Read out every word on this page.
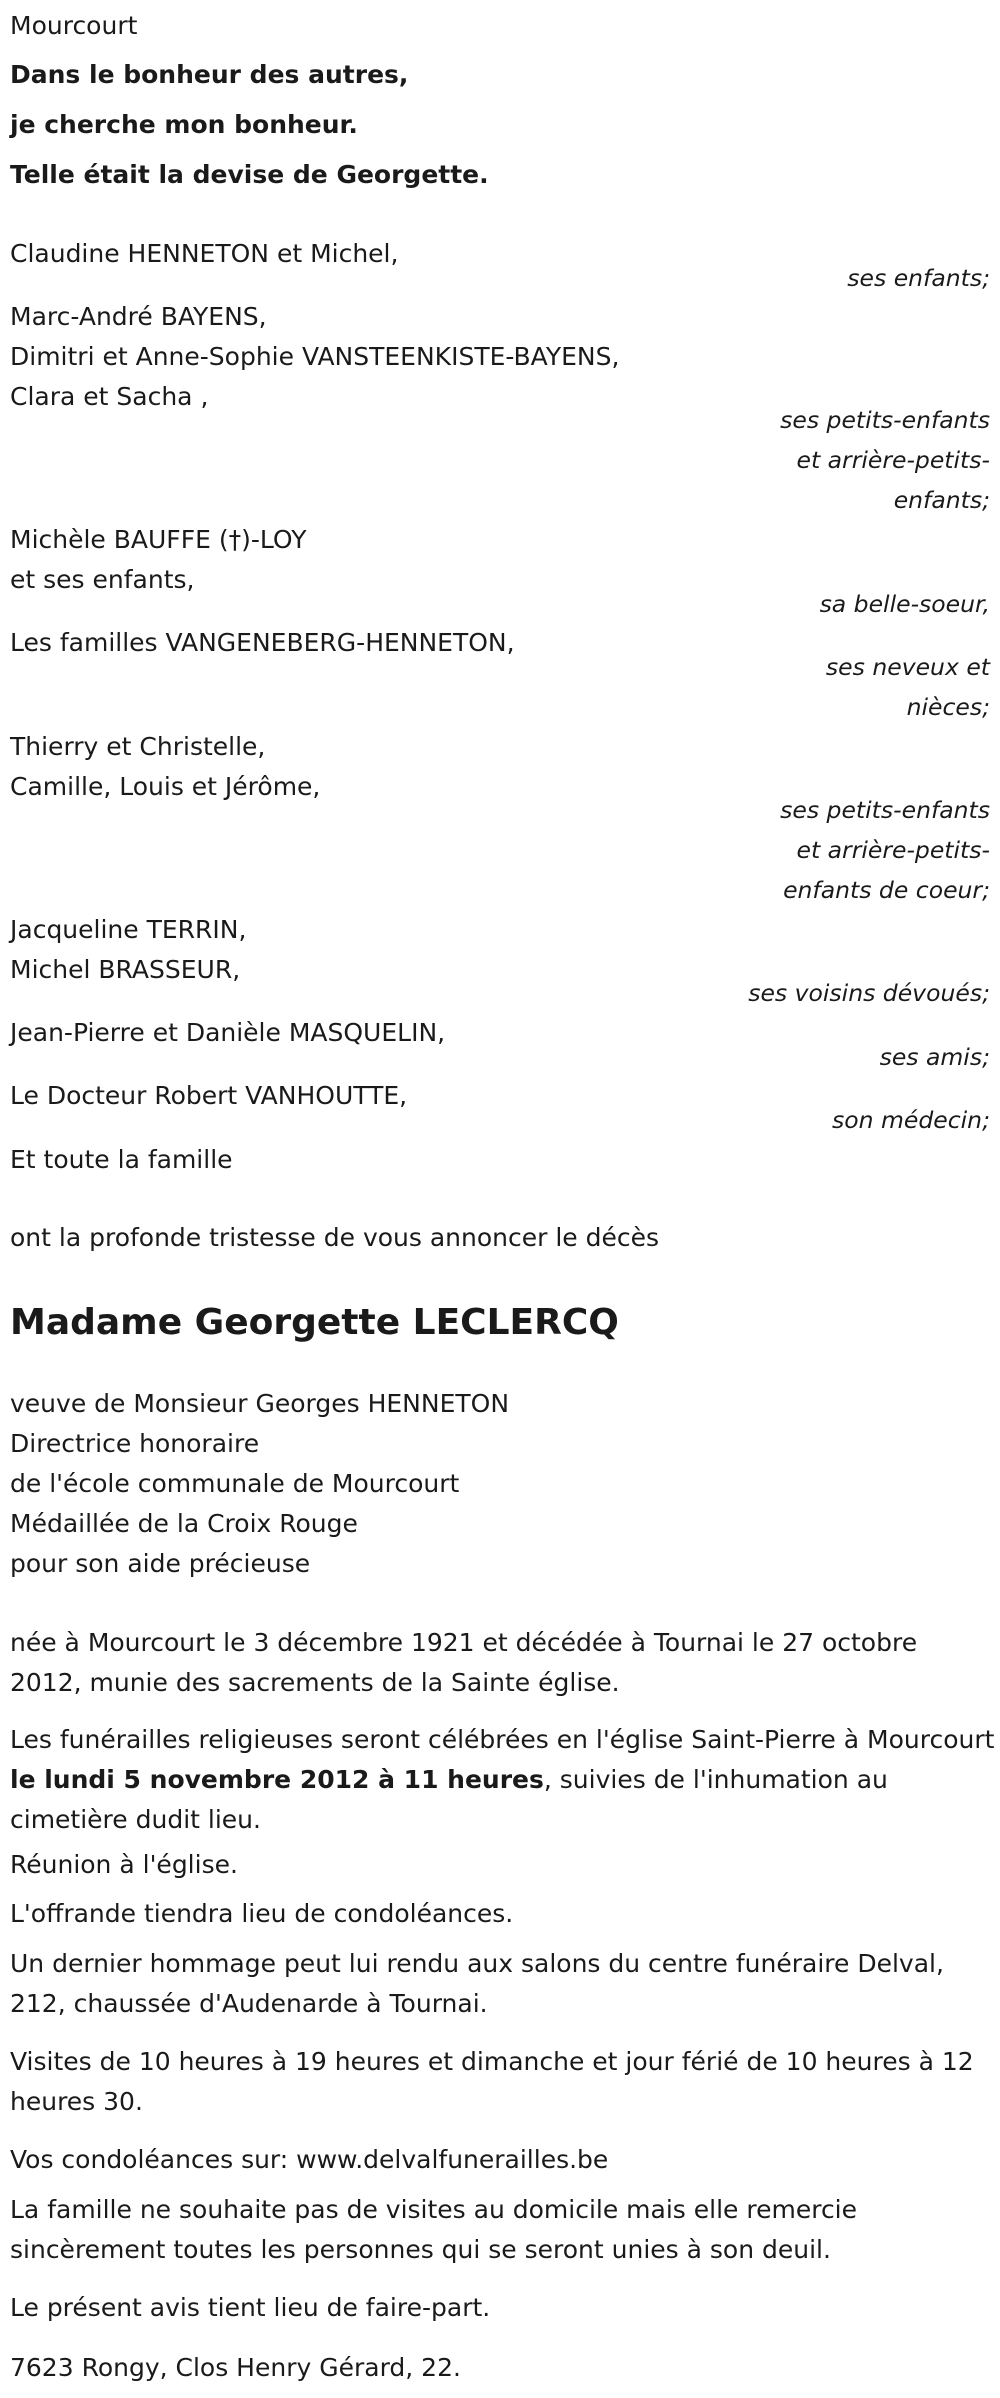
Mourcourt
Dans le bonheur des autres,
je cherche mon bonheur.
Telle était la devise de Georgette.
Claudine HENNETON et Michel,
ses enfants;
Marc-André BAYENS,
Dimitri et Anne-Sophie VANSTEENKISTE-BAYENS,
Clara et Sacha ,
ses petits-enfants
et arrière-petits-
enfants;
Michèle BAUFFE (†)-LOY
et ses enfants,
sa belle-soeur,
Les familles VANGENEBERG-HENNETON,
ses neveux et
nièces;
Thierry et Christelle,
Camille, Louis et Jérôme,
ses petits-enfants
et arrière-petits-
enfants de coeur;
Jacqueline TERRIN,
Michel BRASSEUR,
ses voisins dévoués;
Jean-Pierre et Danièle MASQUELIN,
ses amis;
Le Docteur Robert VANHOUTTE,
son médecin;
Et toute la famille
ont la profonde tristesse de vous annoncer le décès
Madame Georgette LECLERCQ
veuve de Monsieur Georges HENNETON
Directrice honoraire
de l'école communale de Mourcourt
Médaillée de la Croix Rouge
pour son aide précieuse
née à Mourcourt le 3 décembre 1921 et décédée à Tournai le 27 octobre 2012, munie des sacrements de la Sainte église.
Les funérailles religieuses seront célébrées en l'église Saint-Pierre à Mourcourt le lundi 5 novembre 2012 à 11 heures, suivies de l'inhumation au cimetière dudit lieu.
Réunion à l'église.
L'offrande tiendra lieu de condoléances.
Un dernier hommage peut lui rendu aux salons du centre funéraire Delval, 212, chaussée d'Audenarde à Tournai.
Visites de 10 heures à 19 heures et dimanche et jour férié de 10 heures à 12 heures 30.
Vos condoléances sur: www.delvalfunerailles.be
La famille ne souhaite pas de visites au domicile mais elle remercie sincèrement toutes les personnes qui se seront unies à son deuil.
Le présent avis tient lieu de faire-part.
7623 Rongy, Clos Henry Gérard, 22.
